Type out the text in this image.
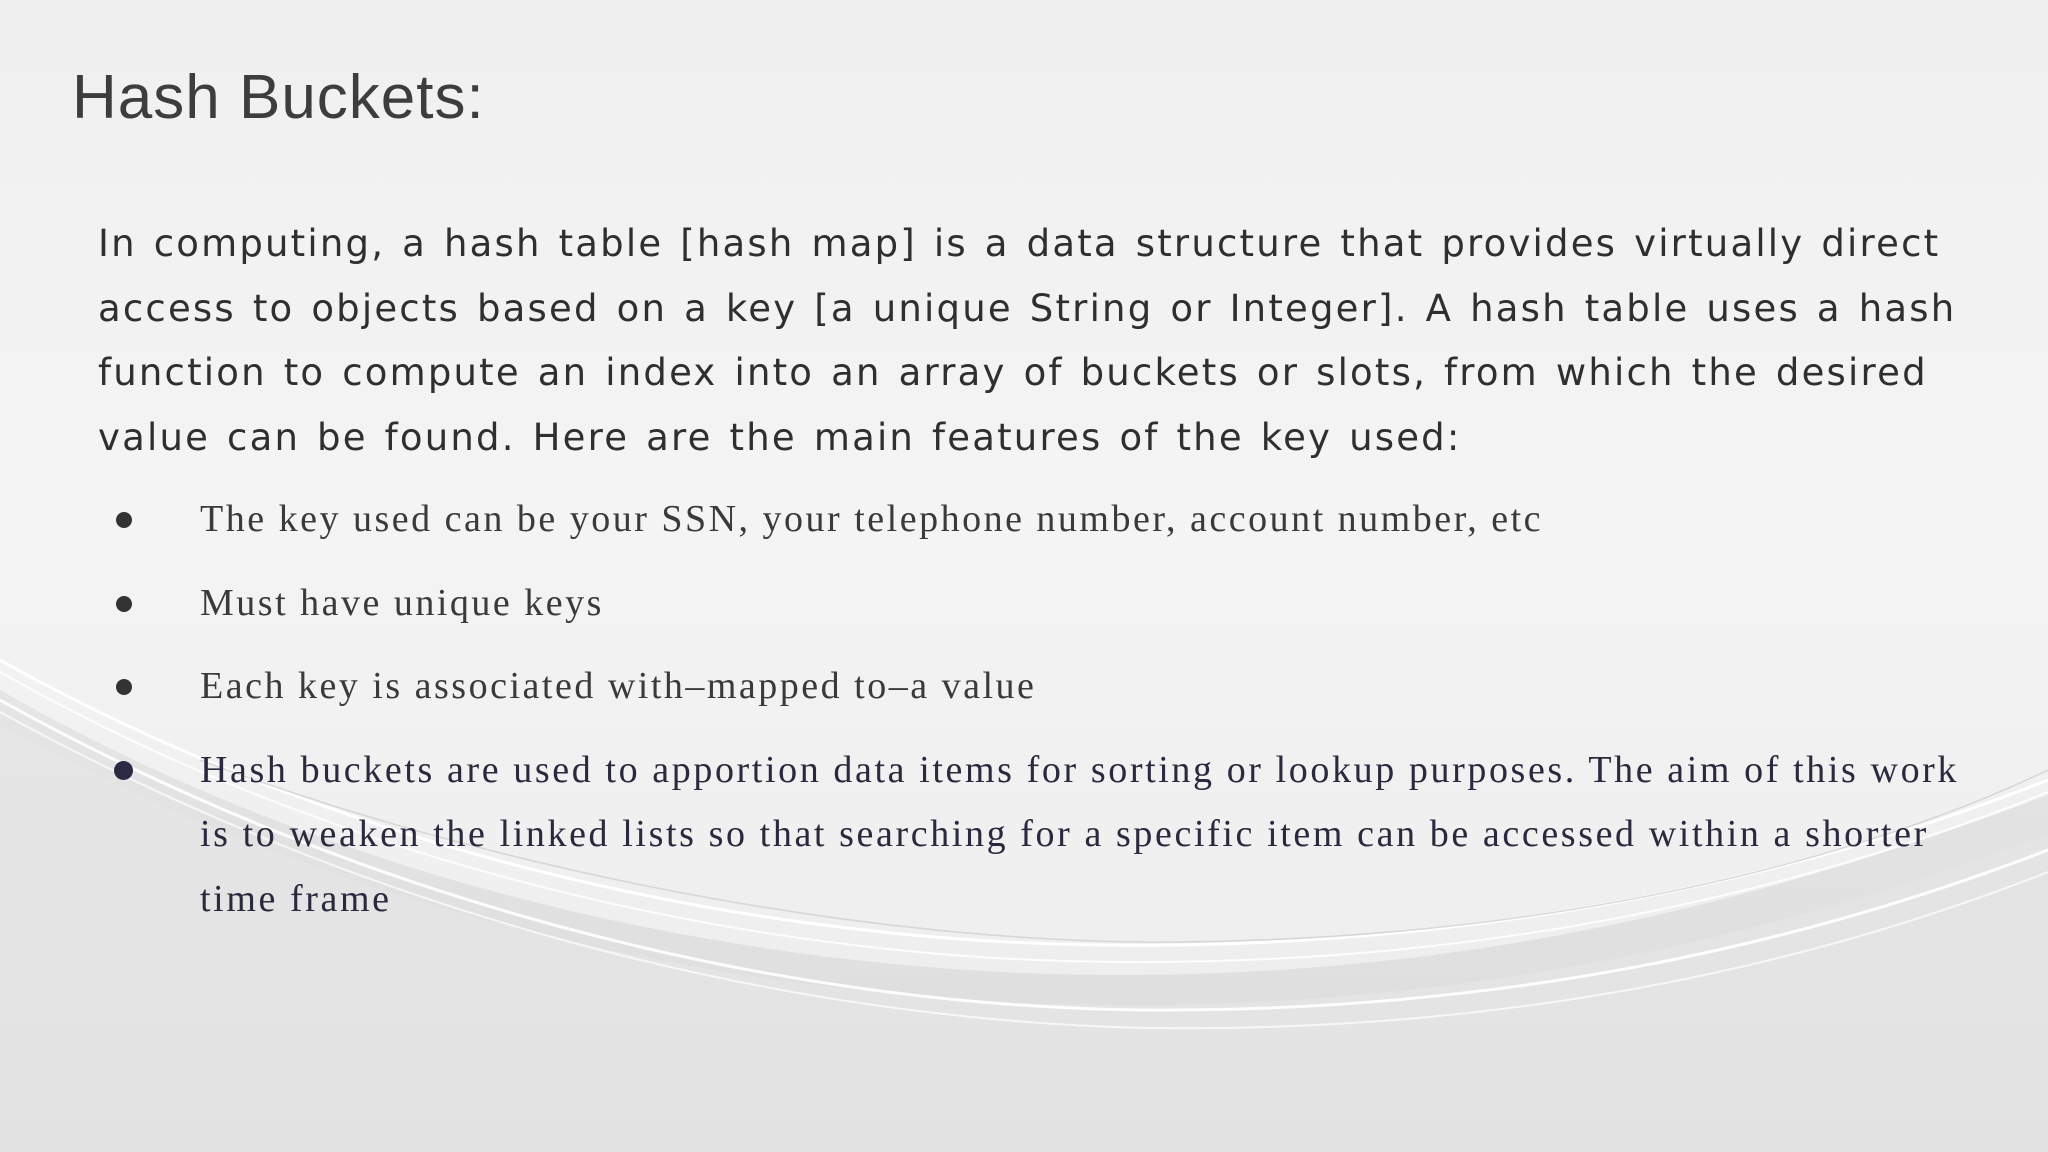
Hash Buckets:

In computing, a hash table [hash map] is a data structure that provides virtually direct access to objects based on a key [a unique String or Integer]. A hash table uses a hash function to compute an index into an array of buckets or slots, from which the desired value can be found. Here are the main features of the key used:

The key used can be your SSN, your telephone number, account number, etc
Must have unique keys
Each key is associated with–mapped to–a value
Hash buckets are used to apportion data items for sorting or lookup purposes. The aim of this work is to weaken the linked lists so that searching for a specific item can be accessed within a shorter time frame
